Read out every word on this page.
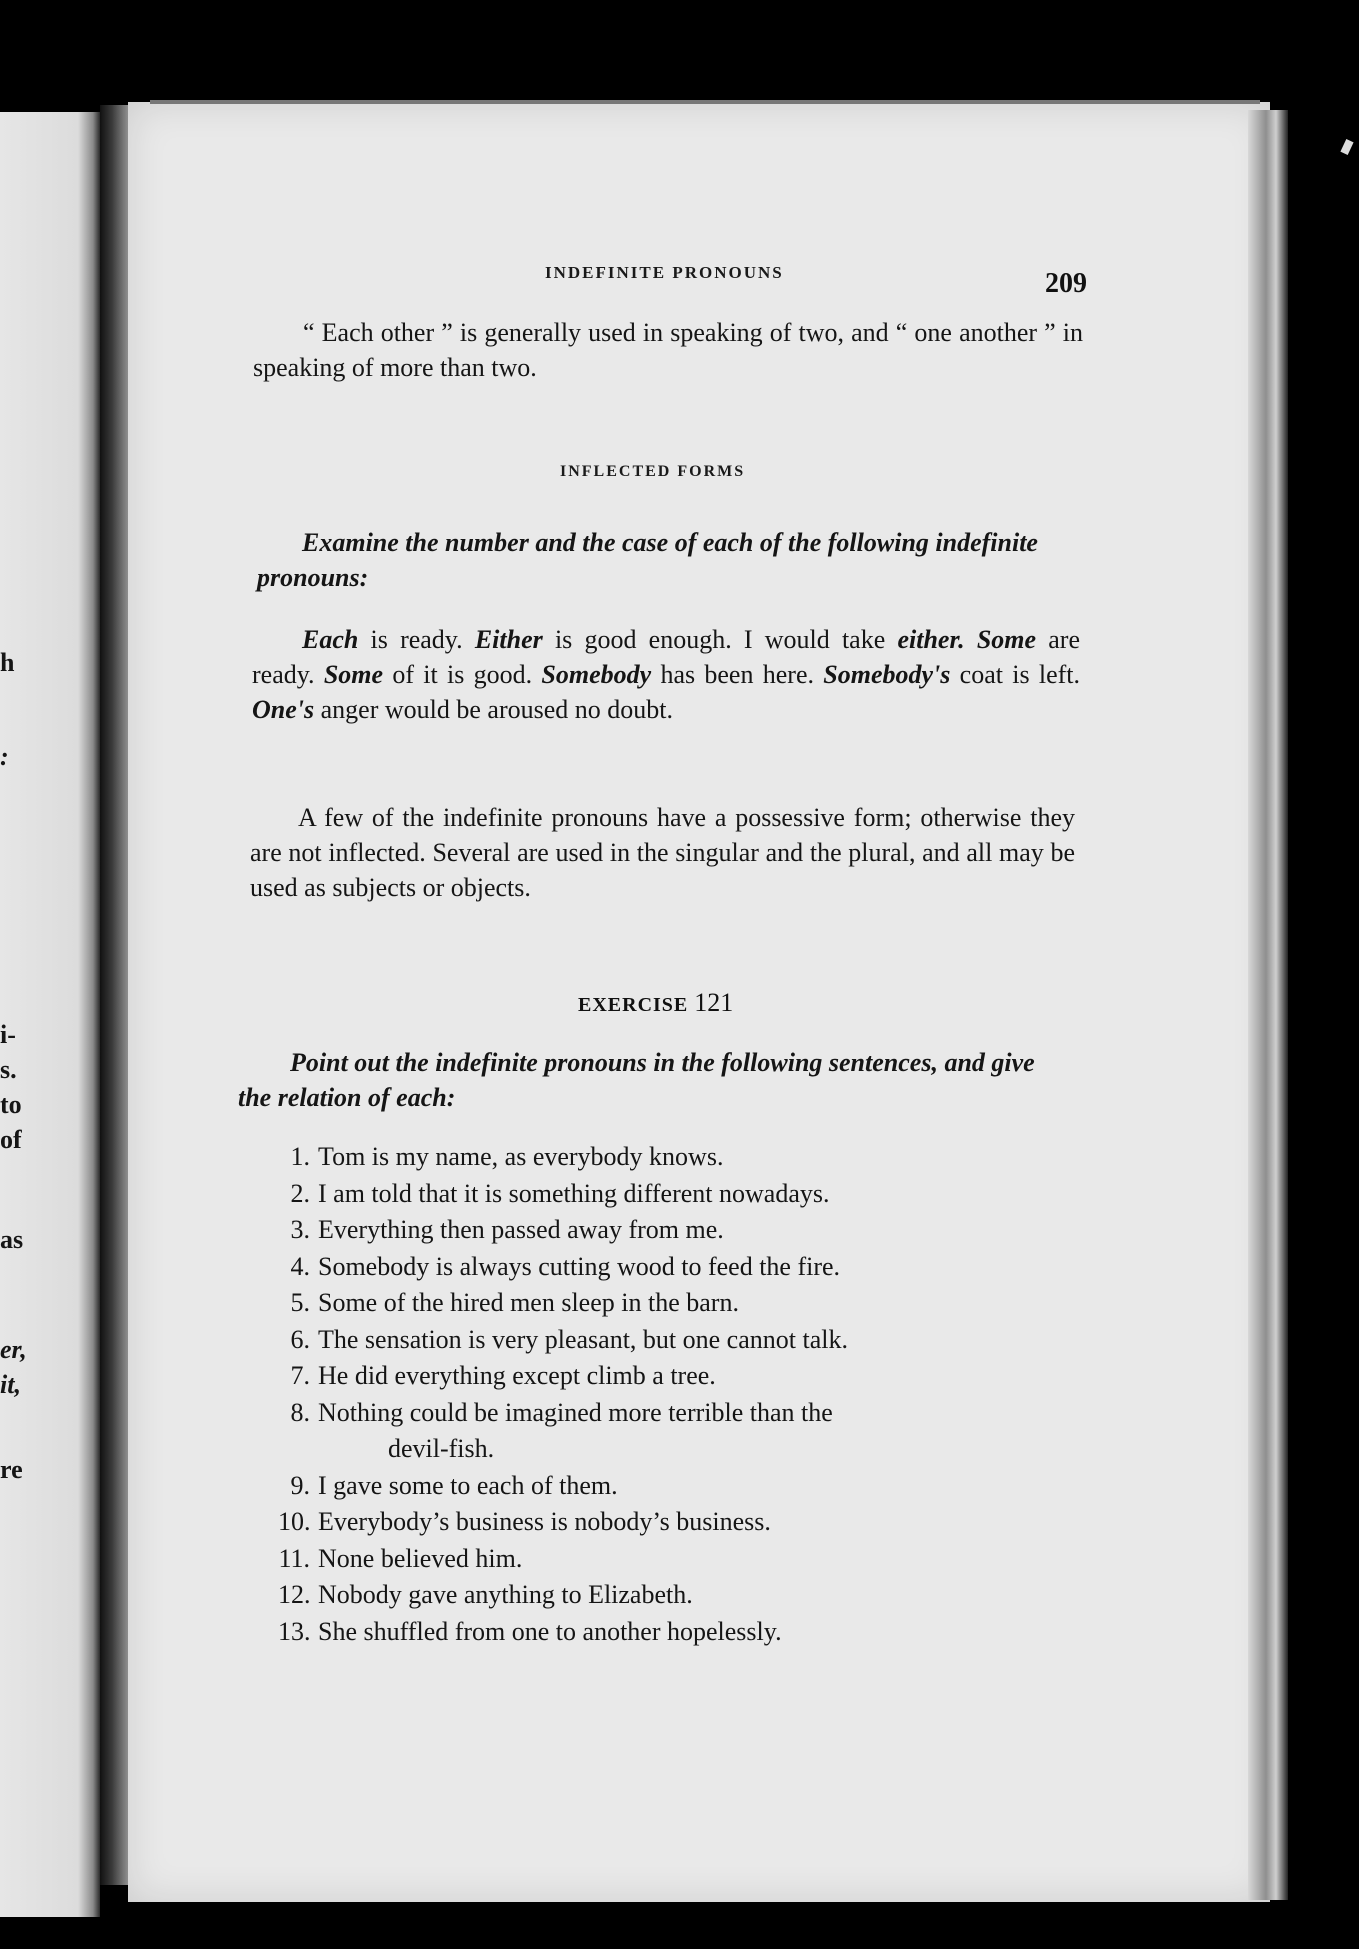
h
:
i-
s.
to
of
as
er,
it,
re
INDEFINITE PRONOUNS	209
“ Each other ” is generally used in speaking of two, and “ one another ” in speaking of more than two.
INFLECTED FORMS
Examine the number and the case of each of the following indefinite pronouns:
Each is ready. Either is good enough. I would take either. Some are ready. Some of it is good. Somebody has been here. Somebody's coat is left. One's anger would be aroused no doubt.
A few of the indefinite pronouns have a possessive form; otherwise they are not inflected. Several are used in the singular and the plural, and all may be used as subjects or objects.
EXERCISE 121
Point out the indefinite pronouns in the following sentences, and give the relation of each:
1. Tom is my name, as everybody knows.
2. I am told that it is something different nowadays.
3. Everything then passed away from me.
4. Somebody is always cutting wood to feed the fire.
5. Some of the hired men sleep in the barn.
6. The sensation is very pleasant, but one cannot talk.
7. He did everything except climb a tree.
8. Nothing could be imagined more terrible than the
devil-fish.
9. I gave some to each of them.
10. Everybody’s business is nobody’s business.
11. None believed him.
12. Nobody gave anything to Elizabeth.
13. She shuffled from one to another hopelessly.
